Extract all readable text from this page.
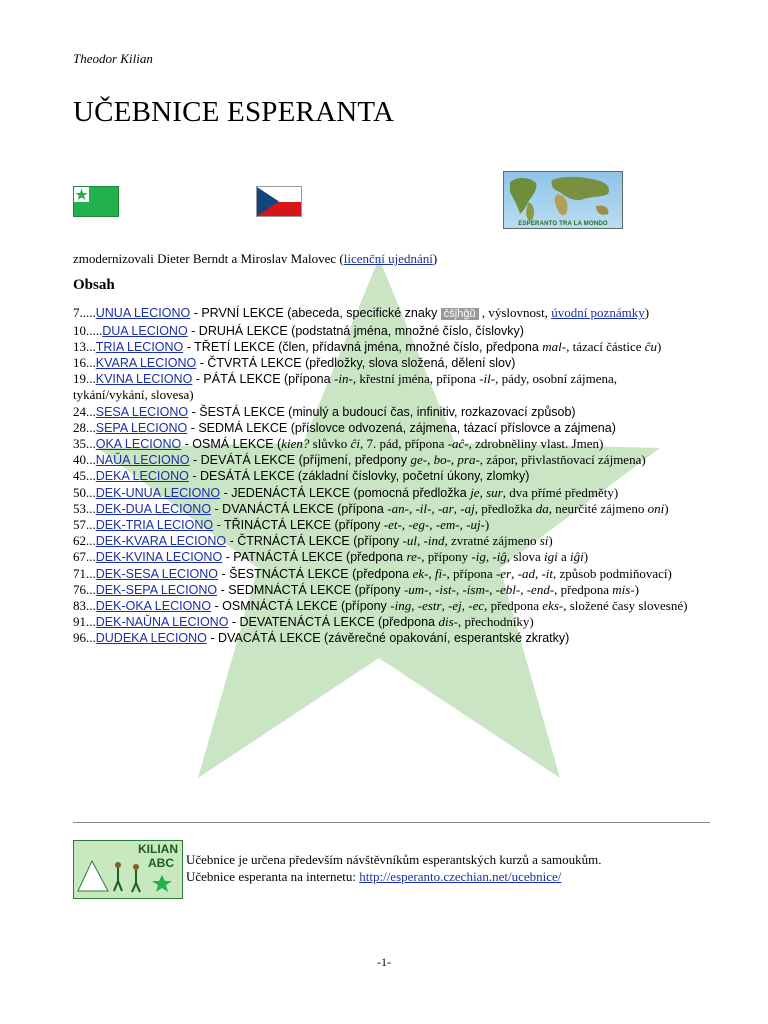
Theodor Kilian
UČEBNICE ESPERANTA
ESPERANTO TRA LA MONDO

zmodernizovali Dieter Berndt a Miroslav Malovec (licenční ujednání)

Obsah
7.....UNUA LECIONO - PRVNÍ LEKCE (abeceda, specifické znaky ĉŝĵĥĝŭ , výslovnost, úvodní poznámky)
10.....DUA LECIONO - DRUHÁ LEKCE (podstatná jména, množné číslo, číslovky)
13...TRIA LECIONO - TŘETÍ LEKCE (člen, přídavná jména, množné číslo, předpona mal-, tázací částice ĉu)
16...KVARA LECIONO - ČTVRTÁ LEKCE (předložky, slova složená, dělení slov)
19...KVINA LECIONO - PÁTÁ LEKCE (přípona -in-, křestní jména, přípona -il-, pády, osobní zájmena, tykání/vykání, slovesa)
24...SESA LECIONO - ŠESTÁ LEKCE (minulý a budoucí čas, infinitiv, rozkazovací způsob)
28...SEPA LECIONO - SEDMÁ LEKCE (příslovce odvozená, zájmena, tázací příslovce a zájmena)
35...OKA LECIONO - OSMÁ LEKCE (kien? slůvko ĉi, 7. pád, přípona -aĉ-, zdrobněliny vlast. Jmen)
40...NAŬA LECIONO - DEVÁTÁ LEKCE (příjmení, předpony ge-, bo-, pra-, zápor, přivlastňovací zájmena)
45...DEKA LECIONO - DESÁTÁ LEKCE (základní číslovky, početní úkony, zlomky)
50...DEK-UNUA LECIONO - JEDENÁCTÁ LEKCE (pomocná předložka je, sur, dva přímé předměty)
53...DEK-DUA LECIONO - DVANÁCTÁ LEKCE (přípona -an-, -il-, -ar, -aj, předložka da, neurčité zájmeno oni)
57...DEK-TRIA LECIONO - TŘINÁCTÁ LEKCE (přípony -et-, -eg-, -em-, -uj-)
62...DEK-KVARA LECIONO - ČTRNÁCTÁ LEKCE (přípony -ul, -ind, zvratné zájmeno si)
67...DEK-KVINA LECIONO - PATNÁCTÁ LEKCE (předpona re-, přípony -ig, -iĝ, slova igi a iĝi)
71...DEK-SESA LECIONO - ŠESTNÁCTÁ LEKCE (předpona ek-, fi-, přípona -er, -ad, -it, způsob podmiňovací)
76...DEK-SEPA LECIONO - SEDMNÁCTÁ LEKCE (přípony -um-, -ist-, -ism-, -ebl-, -end-, předpona mis-)
83...DEK-OKA LECIONO - OSMNÁCTÁ LEKCE (přípony -ing, -estr, -ej, -ec, předpona eks-, složené časy slovesné)
91...DEK-NAŬNA LECIONO - DEVATENÁCTÁ LEKCE (předpona dis-, přechodníky)
96...DUDEKA LECIONO - DVACÁTÁ LEKCE (závěrečné opakování, esperantské zkratky)
KILIAN
ABC Učebnice je určena především návštěvníkům esperantských kurzů a samoukům.
Učebnice esperanta na internetu: http://esperanto.czechian.net/ucebnice/
-1-
